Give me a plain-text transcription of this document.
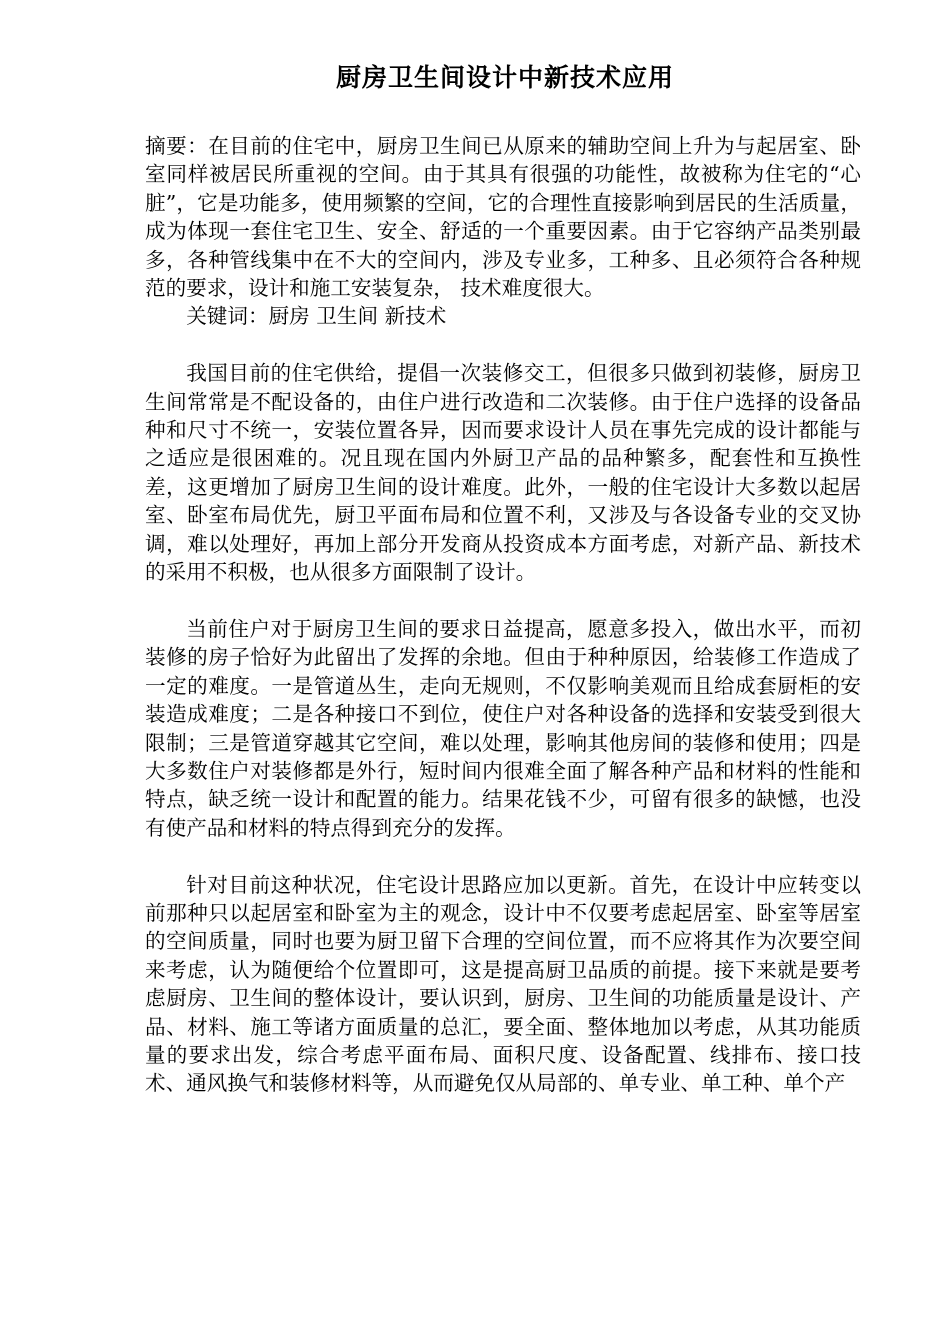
厨房卫生间设计中新技术应用

摘要：在目前的住宅中，厨房卫生间已从原来的辅助空间上升为与起居室、卧室同样被居民所重视的空间。由于其具有很强的功能性，故被称为住宅的“心脏”，它是功能多，使用频繁的空间，它的合理性直接影响到居民的生活质量，成为体现一套住宅卫生、安全、舒适的一个重要因素。由于它容纳产品类别最多，各种管线集中在不大的空间内，涉及专业多，工种多、且必须符合各种规范的要求，设计和施工安装复杂， 技术难度很大。

关键词：厨房 卫生间 新技术

我国目前的住宅供给，提倡一次装修交工，但很多只做到初装修，厨房卫生间常常是不配设备的，由住户进行改造和二次装修。由于住户选择的设备品种和尺寸不统一，安装位置各异，因而要求设计人员在事先完成的设计都能与之适应是很困难的。况且现在国内外厨卫产品的品种繁多，配套性和互换性差，这更增加了厨房卫生间的设计难度。此外，一般的住宅设计大多数以起居室、卧室布局优先，厨卫平面布局和位置不利，又涉及与各设备专业的交叉协调，难以处理好，再加上部分开发商从投资成本方面考虑，对新产品、新技术的采用不积极，也从很多方面限制了设计。

当前住户对于厨房卫生间的要求日益提高，愿意多投入，做出水平，而初装修的房子恰好为此留出了发挥的余地。但由于种种原因，给装修工作造成了一定的难度。一是管道丛生，走向无规则，不仅影响美观而且给成套厨柜的安装造成难度；二是各种接口不到位，使住户对各种设备的选择和安装受到很大限制；三是管道穿越其它空间，难以处理，影响其他房间的装修和使用；四是大多数住户对装修都是外行，短时间内很难全面了解各种产品和材料的性能和特点，缺乏统一设计和配置的能力。结果花钱不少，可留有很多的缺憾，也没有使产品和材料的特点得到充分的发挥。

针对目前这种状况，住宅设计思路应加以更新。首先，在设计中应转变以前那种只以起居室和卧室为主的观念，设计中不仅要考虑起居室、卧室等居室的空间质量，同时也要为厨卫留下合理的空间位置，而不应将其作为次要空间来考虑，认为随便给个位置即可，这是提高厨卫品质的前提。接下来就是要考虑厨房、卫生间的整体设计，要认识到，厨房、卫生间的功能质量是设计、产品、材料、施工等诸方面质量的总汇，要全面、整体地加以考虑，从其功能质量的要求出发，综合考虑平面布局、面积尺度、设备配置、线排布、接口技术、通风换气和装修材料等，从而避免仅从局部的、单专业、单工种、单个产
